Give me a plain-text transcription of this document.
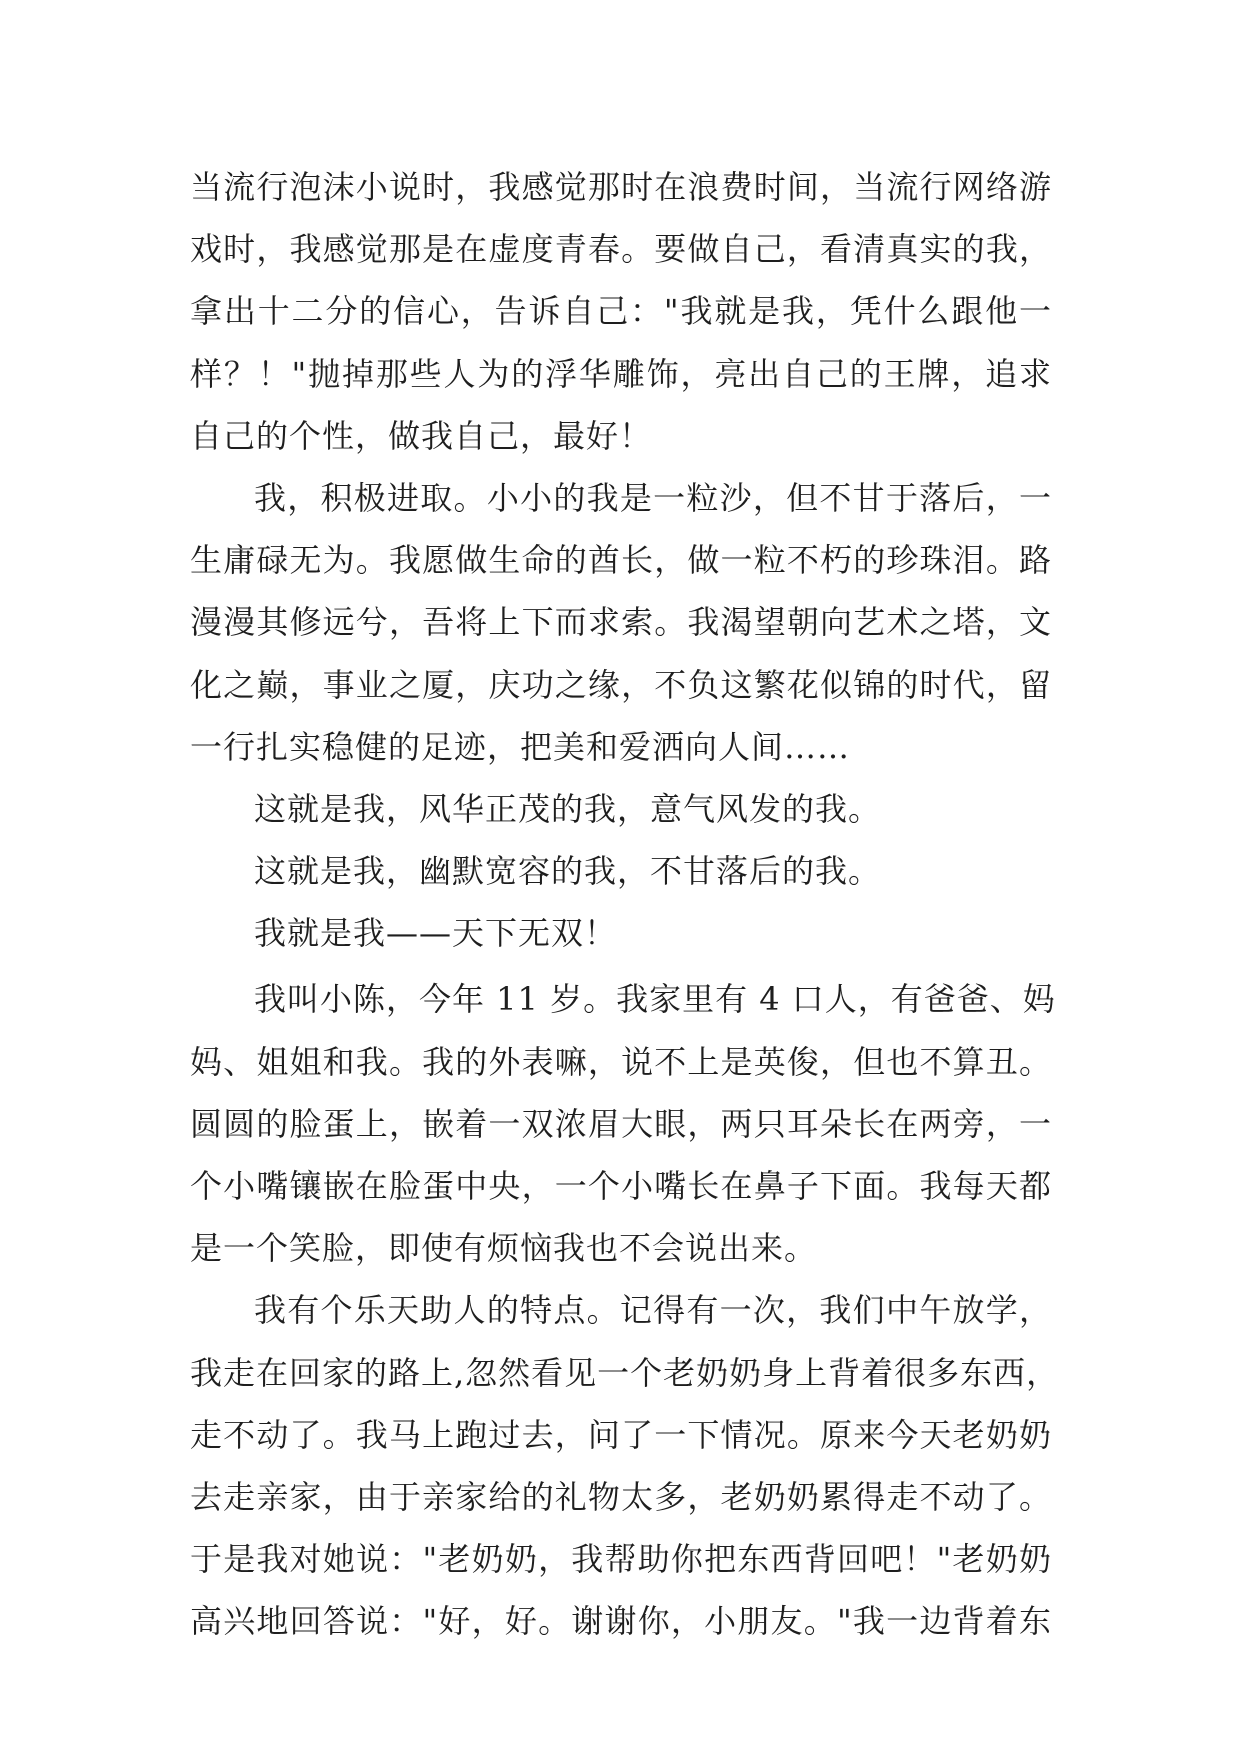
当流行泡沫小说时，我感觉那时在浪费时间，当流行网络游
戏时，我感觉那是在虚度青春。要做自己，看清真实的我，
拿出十二分的信心，告诉自己："我就是我，凭什么跟他一
样？！"抛掉那些人为的浮华雕饰，亮出自己的王牌，追求
自己的个性，做我自己，最好！
我，积极进取。小小的我是一粒沙，但不甘于落后，一
生庸碌无为。我愿做生命的酋长，做一粒不朽的珍珠泪。路
漫漫其修远兮，吾将上下而求索。我渴望朝向艺术之塔，文
化之巅，事业之厦，庆功之缘，不负这繁花似锦的时代，留
一行扎实稳健的足迹，把美和爱洒向人间……
这就是我，风华正茂的我，意气风发的我。
这就是我，幽默宽容的我，不甘落后的我。
我就是我——天下无双！
我叫小陈，今年 11 岁。我家里有 4 口人，有爸爸、妈
妈、姐姐和我。我的外表嘛，说不上是英俊，但也不算丑。
圆圆的脸蛋上，嵌着一双浓眉大眼，两只耳朵长在两旁，一
个小嘴镶嵌在脸蛋中央，一个小嘴长在鼻子下面。我每天都
是一个笑脸，即使有烦恼我也不会说出来。
我有个乐天助人的特点。记得有一次，我们中午放学，
我走在回家的路上,忽然看见一个老奶奶身上背着很多东西，
走不动了。我马上跑过去，问了一下情况。原来今天老奶奶
去走亲家，由于亲家给的礼物太多，老奶奶累得走不动了。
于是我对她说："老奶奶，我帮助你把东西背回吧！"老奶奶
高兴地回答说："好，好。谢谢你，小朋友。"我一边背着东
